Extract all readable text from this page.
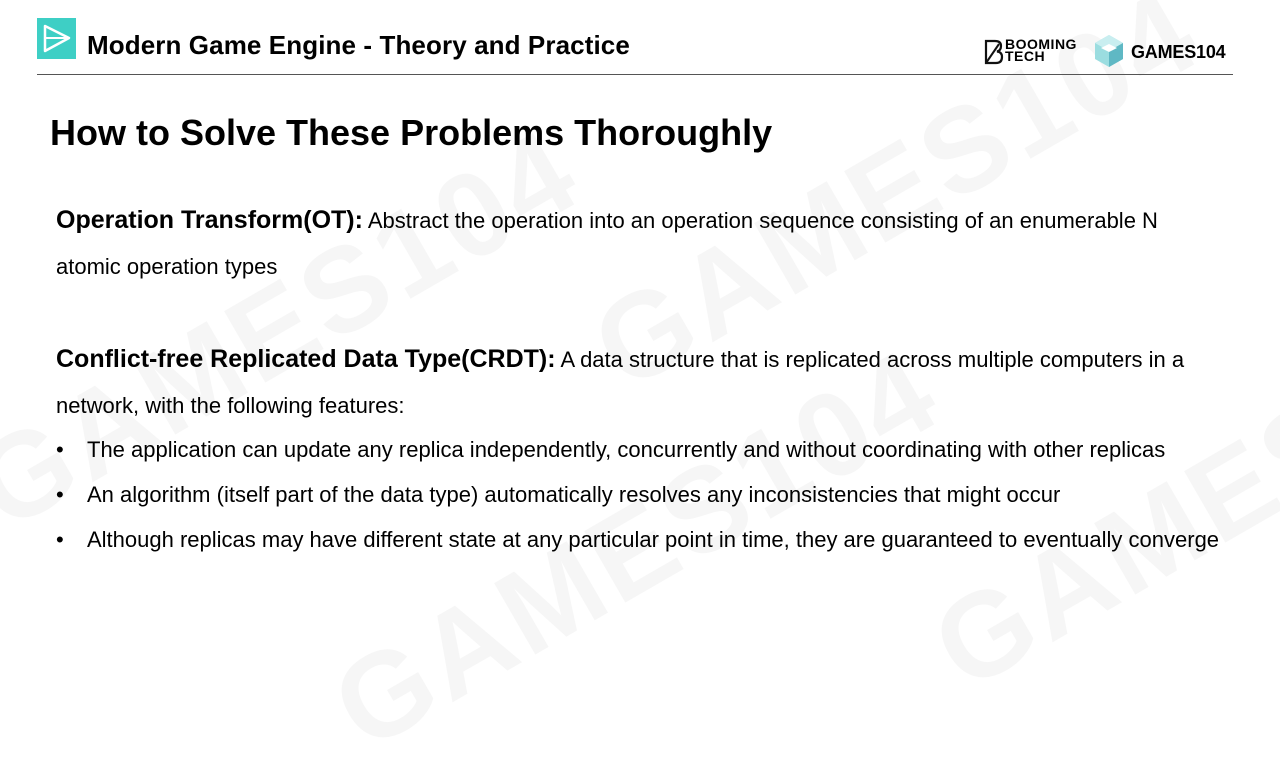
Modern Game Engine - Theory and Practice	BOOMING
TECH	GAMES104
How to Solve These Problems Thoroughly
Operation Transform(OT): Abstract the operation into an operation sequence consisting of an enumerable N atomic operation types
Conflict-free Replicated Data Type(CRDT): A data structure that is replicated across multiple computers in a network, with the following features:
• The application can update any replica independently, concurrently and without coordinating with other replicas
• An algorithm (itself part of the data type) automatically resolves any inconsistencies that might occur
• Although replicas may have different state at any particular point in time, they are guaranteed to eventually converge
